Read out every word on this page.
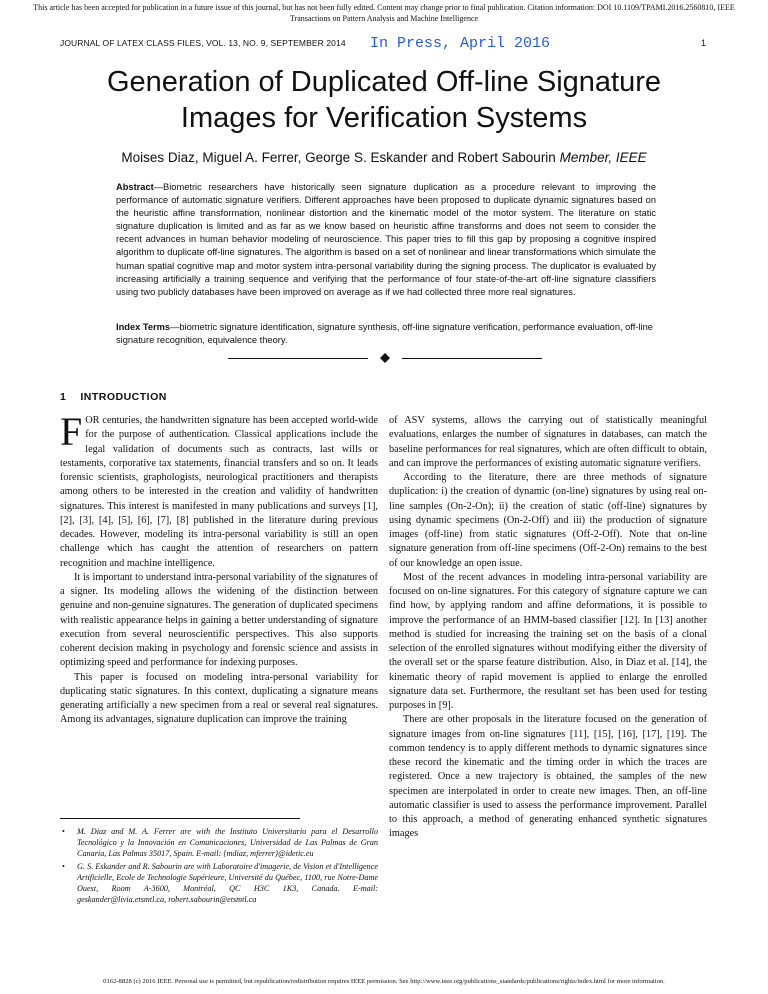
This article has been accepted for publication in a future issue of this journal, but has not been fully edited. Content may change prior to final publication. Citation information: DOI 10.1109/TPAMI.2016.2560810, IEEE
Transactions on Pattern Analysis and Machine Intelligence
JOURNAL OF LATEX CLASS FILES, VOL. 13, NO. 9, SEPTEMBER 2014 In Press, April 2016	1
Generation of Duplicated Off-line Signature
Images for Verification Systems
Moises Diaz, Miguel A. Ferrer, George S. Eskander and Robert Sabourin Member, IEEE
Abstract—Biometric researchers have historically seen signature duplication as a procedure relevant to improving the performance of automatic signature verifiers. Different approaches have been proposed to duplicate dynamic signatures based on the heuristic affine transformation, nonlinear distortion and the kinematic model of the motor system. The literature on static signature duplication is limited and as far as we know based on heuristic affine transforms and does not seem to consider the recent advances in human behavior modeling of neuroscience. This paper tries to fill this gap by proposing a cognitive inspired algorithm to duplicate off-line signatures. The algorithm is based on a set of nonlinear and linear transformations which simulate the human spatial cognitive map and motor system intra-personal variability during the signing process. The duplicator is evaluated by increasing artificially a training sequence and verifying that the performance of four state-of-the-art off-line signature classifiers using two publicly databases have been improved on average as if we had collected three more real signatures.
Index Terms—biometric signature identification, signature synthesis, off-line signature verification, performance evaluation, off-line signature recognition, equivalence theory.
1 INTRODUCTION

FOR centuries, the handwritten signature has been accepted world-wide for the purpose of authentication. Classical applications include the legal validation of documents such as contracts, last wills or testaments, corporative tax statements, financial transfers and so on. It leads forensic scientists, graphologists, neurological practitioners and therapists among others to be interested in the creation and validity of handwritten signatures. This interest is manifested in many publications and surveys [1], [2], [3], [4], [5], [6], [7], [8] published in the literature during previous decades. However, modeling its intra-personal variability is still an open challenge which has caught the attention of researchers on pattern recognition and machine intelligence.

It is important to understand intra-personal variability of the signatures of a signer. Its modeling allows the widening of the distinction between genuine and non-genuine signatures. The generation of duplicated specimens with realistic appearance helps in gaining a better understanding of signature execution from several neuroscientific perspectives. This also supports coherent decision making in psychology and forensic science and assists in optimizing speed and performance for indexing purposes.

This paper is focused on modeling intra-personal variability for duplicating static signatures. In this context, duplicating a signature means generating artificially a new specimen from a real or several real signatures. Among its advantages, signature duplication can improve the training

• M. Diaz and M. A. Ferrer are with the Instituto Universitario para el Desarrollo Tecnológico y la Innovación en Comunicaciones, Universidad de Las Palmas de Gran Canaria, Las Palmas 35017, Spain. E-mail: {mdiaz, mferrer}@idetic.eu
• G. S. Eskander and R. Sabourin are with Laboratoire d'imagerie, de Vision et d'Intelligence Artificielle, Ecole de Technologie Supérieure, Université du Québec, 1100, rue Notre-Dame Ouest, Room A-3600, Montréal, QC H3C 1K3, Canada. E-mail: geskander@livia.etsmtl.ca, robert.sabourin@etsmtl.ca

of ASV systems, allows the carrying out of statistically meaningful evaluations, enlarges the number of signatures in databases, can match the baseline performances for real signatures, which are often difficult to obtain, and can improve the performances of existing automatic signature verifiers.

According to the literature, there are three methods of signature duplication: i) the creation of dynamic (on-line) signatures by using real on-line samples (On-2-On); ii) the creation of static (off-line) signatures by using dynamic specimens (On-2-Off) and iii) the production of signature images (off-line) from static signatures (Off-2-Off). Note that on-line signature generation from off-line specimens (Off-2-On) remains to the best of our knowledge an open issue.

Most of the recent advances in modeling intra-personal variability are focused on on-line signatures. For this category of signature capture we can find how, by applying random and affine deformations, it is possible to improve the performance of an HMM-based classifier [12]. In [13] another method is studied for increasing the training set on the basis of a clonal selection of the enrolled signatures without modifying either the diversity of the overall set or the sparse feature distribution. Also, in Diaz et al. [14], the kinematic theory of rapid movement is applied to enlarge the enrolled signature data set. Furthermore, the resultant set has been used for testing purposes in [9].

There are other proposals in the literature focused on the generation of signature images from on-line signatures [11], [15], [16], [17], [19]. The common tendency is to apply different methods to dynamic signatures since these record the kinematic and the timing order in which the traces are registered. Once a new trajectory is obtained, the samples of the new specimen are interpolated in order to create new images. Then, an off-line automatic classifier is used to assess the performance improvement. Parallel to this approach, a method of generating enhanced synthetic signatures images

0162-8828 (c) 2016 IEEE. Personal use is permitted, but republication/redistribution requires IEEE permission. See http://www.ieee.org/publications_standards/publications/rights/index.html for more information.
